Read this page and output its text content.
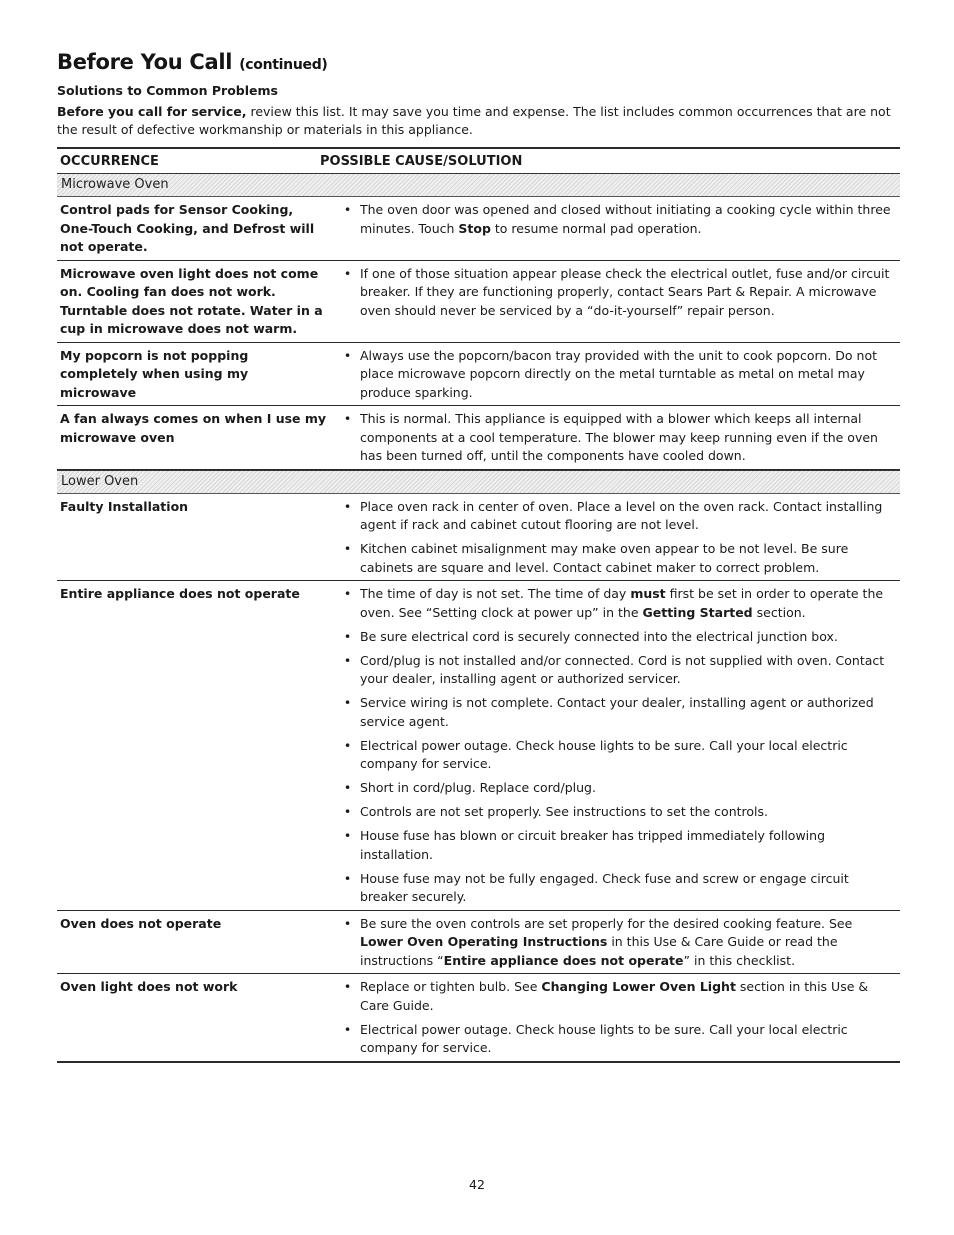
Before You Call (continued)
Solutions to Common Problems
Before you call for service, review this list. It may save you time and expense. The list includes common occurrences that are not the result of defective workmanship or materials in this appliance.
OCCURRENCE	POSSIBLE CAUSE/SOLUTION
Microwave Oven
Control pads for Sensor Cooking, One-Touch Cooking, and Defrost will not operate.
• The oven door was opened and closed without initiating a cooking cycle within three minutes. Touch Stop to resume normal pad operation.
Microwave oven light does not come on. Cooling fan does not work. Turntable does not rotate. Water in a cup in microwave does not warm.
• If one of those situation appear please check the electrical outlet, fuse and/or circuit breaker. If they are functioning properly, contact Sears Part & Repair. A microwave oven should never be serviced by a “do-it-yourself” repair person.
My popcorn is not popping completely when using my microwave
• Always use the popcorn/bacon tray provided with the unit to cook popcorn. Do not place microwave popcorn directly on the metal turntable as metal on metal may produce sparking.
A fan always comes on when I use my microwave oven
• This is normal. This appliance is equipped with a blower which keeps all internal components at a cool temperature. The blower may keep running even if the oven has been turned off, until the components have cooled down.
Lower Oven
Faulty Installation	• Place oven rack in center of oven. Place a level on the oven rack. Contact installing agent if rack and cabinet cutout flooring are not level.
• Kitchen cabinet misalignment may make oven appear to be not level. Be sure cabinets are square and level. Contact cabinet maker to correct problem.
Entire appliance does not operate	• The time of day is not set. The time of day must first be set in order to operate the oven. See “Setting clock at power up” in the Getting Started section.
• Be sure electrical cord is securely connected into the electrical junction box.
• Cord/plug is not installed and/or connected. Cord is not supplied with oven. Contact your dealer, installing agent or authorized servicer.
• Service wiring is not complete. Contact your dealer, installing agent or authorized service agent.
• Electrical power outage. Check house lights to be sure. Call your local electric company for service.
• Short in cord/plug. Replace cord/plug.
• Controls are not set properly. See instructions to set the controls.
• House fuse has blown or circuit breaker has tripped immediately following installation.
• House fuse may not be fully engaged. Check fuse and screw or engage circuit breaker securely.
Oven does not operate	• Be sure the oven controls are set properly for the desired cooking feature. See Lower Oven Operating Instructions in this Use & Care Guide or read the instructions “Entire appliance does not operate” in this checklist.
Oven light does not work	• Replace or tighten bulb. See Changing Lower Oven Light section in this Use & Care Guide.
• Electrical power outage. Check house lights to be sure. Call your local electric company for service.
42
